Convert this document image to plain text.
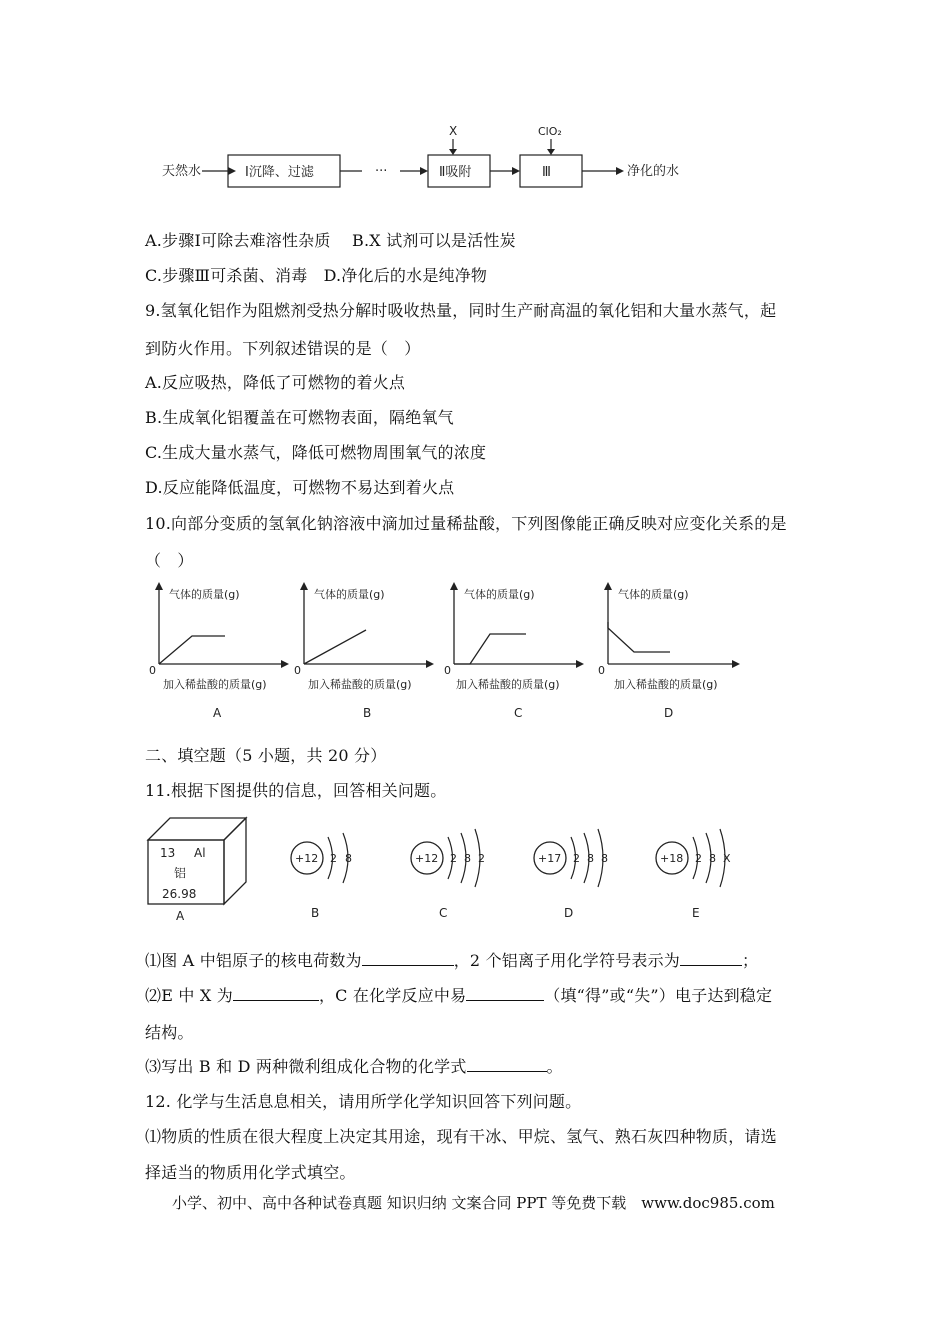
天然水	Ⅰ沉降、过滤	···	Ⅱ吸附
X
Ⅲ
ClO₂
净化的水
A.步骤Ⅰ可除去难溶性杂质　 B.X 试剂可以是活性炭
C.步骤Ⅲ可杀菌、消毒　D.净化后的水是纯净物
9.氢氧化铝作为阻燃剂受热分解时吸收热量，同时生产耐高温的氧化铝和大量水蒸气，起
到防火作用。下列叙述错误的是（　）
A.反应吸热，降低了可燃物的着火点
B.生成氧化铝覆盖在可燃物表面，隔绝氧气
C.生成大量水蒸气，降低可燃物周围氧气的浓度
D.反应能降低温度，可燃物不易达到着火点
10.向部分变质的氢氧化钠溶液中滴加过量稀盐酸，下列图像能正确反映对应变化关系的是
（　）
气体的质量(g)
0
加入稀盐酸的质量(g)
A
气体的质量(g)
0
加入稀盐酸的质量(g)
B
气体的质量(g)
0
加入稀盐酸的质量(g)
C
气体的质量(g)
0
加入稀盐酸的质量(g)
D
二、填空题（5 小题，共 20 分）
11.根据下图提供的信息，回答相关问题。
13 Al
铝
26.98
A
+12 2 8
B
+12 2 8 2
C
+17 2 8 8
D
+18 2 8 X
E
⑴图 A 中铝原子的核电荷数为	，2 个铝离子用化学符号表示为	；
⑵E 中 X 为	，C 在化学反应中易	（填“得”或“失”）电子达到稳定
结构。
⑶写出 B 和 D 两种微利组成化合物的化学式	。
12. 化学与生活息息相关，请用所学化学知识回答下列问题。
⑴物质的性质在很大程度上决定其用途，现有干冰、甲烷、氢气、熟石灰四种物质，请选
择适当的物质用化学式填空。
小学、初中、高中各种试卷真题 知识归纳 文案合同 PPT 等免费下载　www.doc985.com
